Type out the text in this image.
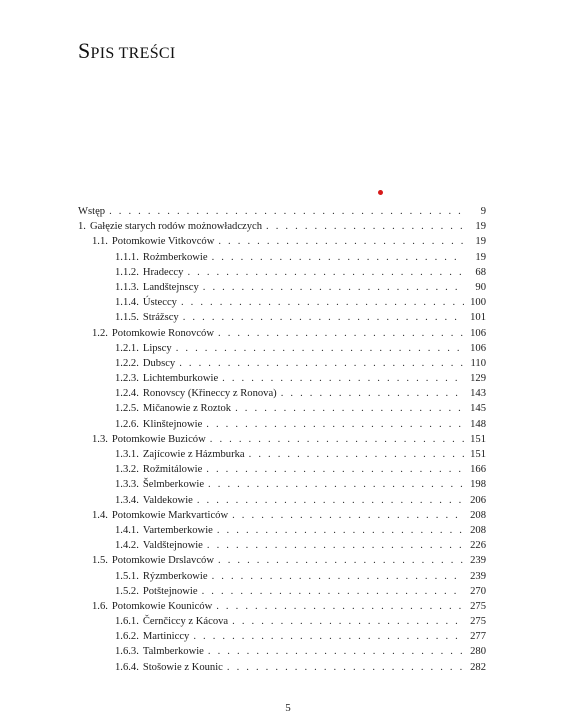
SPIS TREŚCI
Wstęp . . .	9
1. Gałęzie starych rodów możnowładczych . . .	19
1.1. Potomkowie Vitkovców . . .	19
1.1.1. Rożmberkowie . . .	19
1.1.2. Hradeccy . . .	68
1.1.3. Landštejnscy . . .	90
1.1.4. Ústeccy . . .	100
1.1.5. Strážscy . . .	101
1.2. Potomkowie Ronovców . . .	106
1.2.1. Lipscy . . .	106
1.2.2. Dubscy . . .	110
1.2.3. Lichtemburkowie . . .	129
1.2.4. Ronovscy (Křineccy z Ronova) . . .	143
1.2.5. Mičanowie z Roztok . . .	145
1.2.6. Klinštejnowie . . .	148
1.3. Potomkowie Buziców . . .	151
1.3.1. Zajícowie z Házmburka . . .	151
1.3.2. Rožmitálowie . . .	166
1.3.3. Šelmberkowie . . .	198
1.3.4. Valdekowie . . .	206
1.4. Potomkowie Markvarticów . . .	208
1.4.1. Vartemberkowie . . .	208
1.4.2. Valdštejnowie . . .	226
1.5. Potomkowie Drslavców . . .	239
1.5.1. Rýzmberkowie . . .	239
1.5.2. Potštejnowie . . .	270
1.6. Potomkowie Kouniców . . .	275
1.6.1. Černčiccy z Kácova . . .	275
1.6.2. Martiniccy . . .	277
1.6.3. Talmberkowie . . .	280
1.6.4. Stošowie z Kounic . . .	282
5
